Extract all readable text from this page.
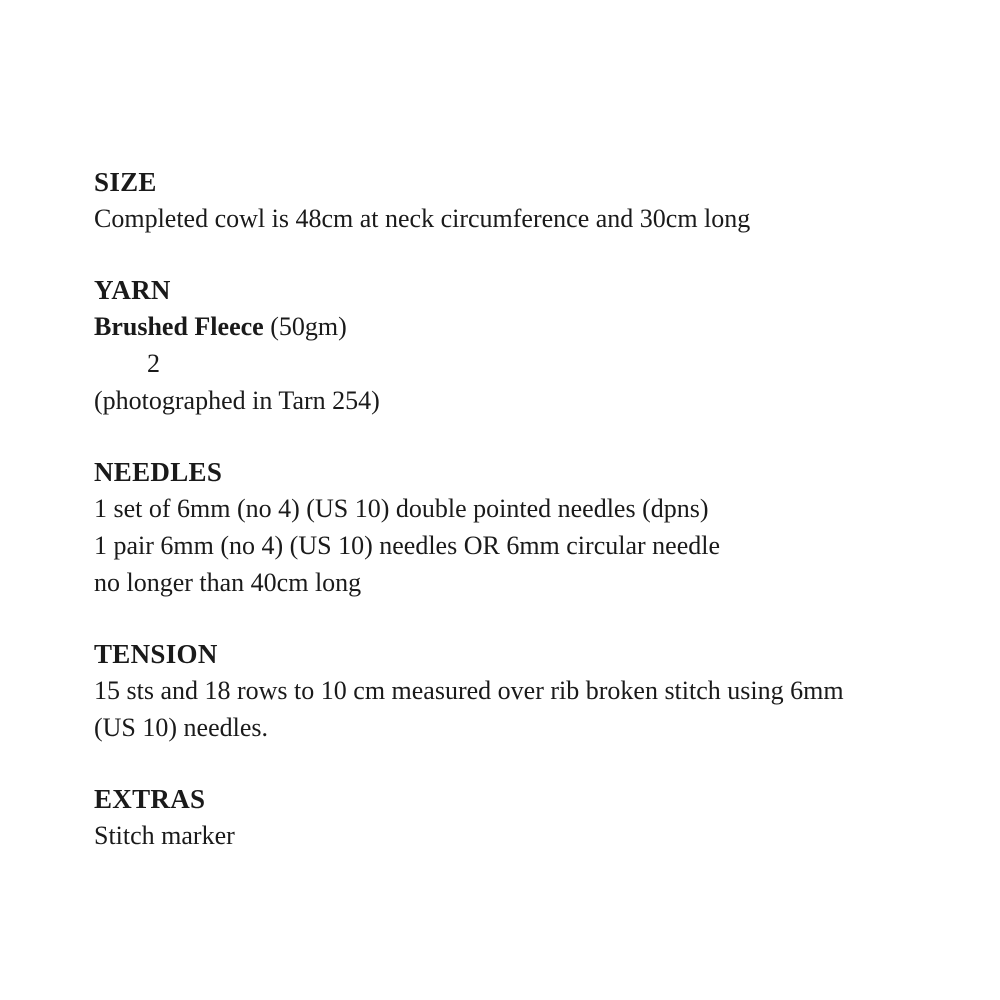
SIZE

Completed cowl is 48cm at neck circumference and 30cm long

YARN

Brushed Fleece (50gm)

2

(photographed in Tarn 254)

NEEDLES

1 set of 6mm (no 4) (US 10) double pointed needles (dpns)

1 pair 6mm (no 4) (US 10) needles OR 6mm circular needle

no longer than 40cm long

TENSION

15 sts and 18 rows to 10 cm measured over rib broken stitch using 6mm

(US 10) needles.

EXTRAS

Stitch marker
